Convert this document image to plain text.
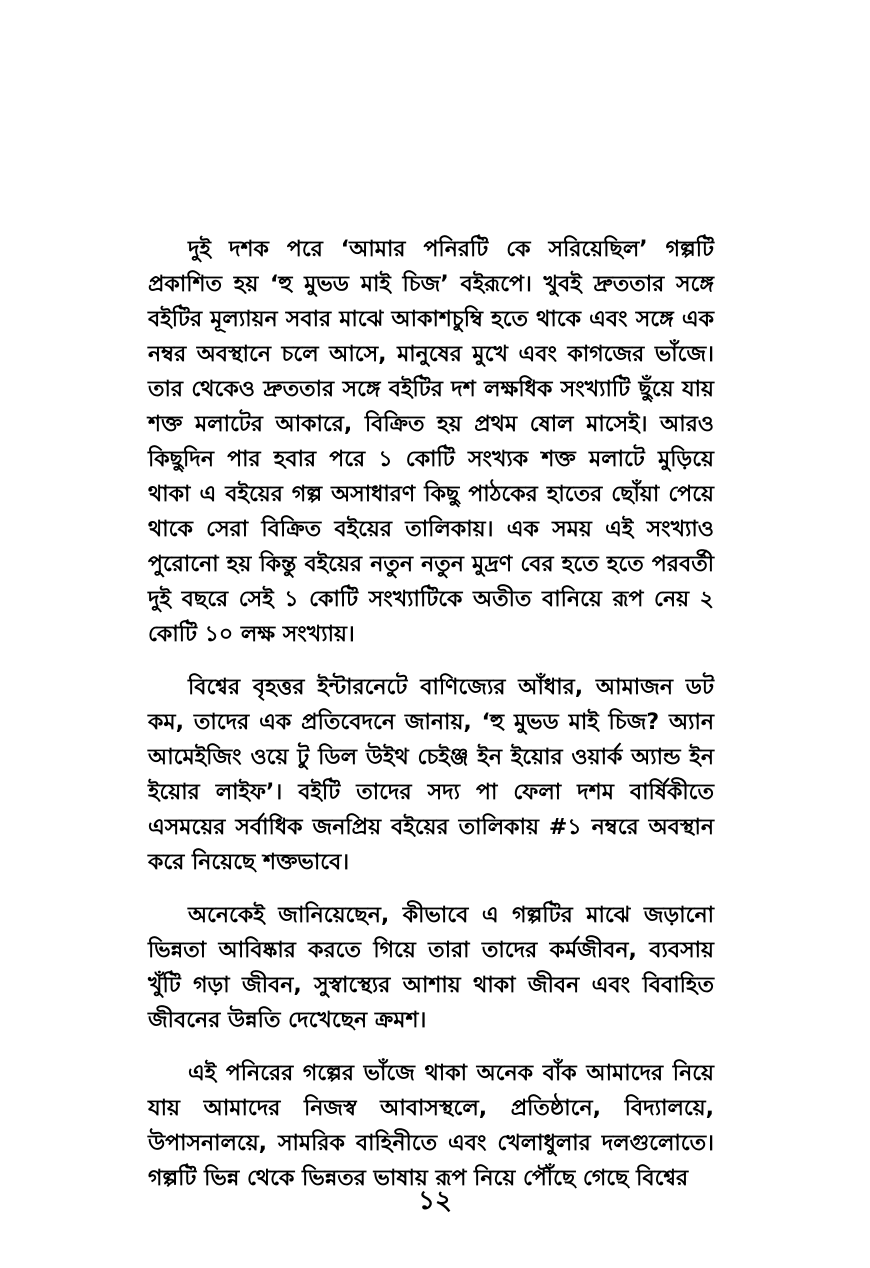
দুই দশক পরে ‘আমার পনিরটি কে সরিয়েছিল’ গল্পটি প্রকাশিত হয় ‘হু মুভড মাই চিজ’ বইরূপে। খুবই দ্রুততার সঙ্গে বইটির মূল্যায়ন সবার মাঝে আকাশচুম্বি হতে থাকে এবং সঙ্গে এক নম্বর অবস্থানে চলে আসে, মানুষের মুখে এবং কাগজের ভাঁজে। তার থেকেও দ্রুততার সঙ্গে বইটির দশ লক্ষধিক সংখ্যাটি ছুঁয়ে যায় শক্ত মলাটের আকারে, বিক্রিত হয় প্রথম ষোল মাসেই। আরও কিছুদিন পার হবার পরে ১ কোটি সংখ্যক শক্ত মলাটে মুড়িয়ে থাকা এ বইয়ের গল্প অসাধারণ কিছু পাঠকের হাতের ছোঁয়া পেয়ে থাকে সেরা বিক্রিত বইয়ের তালিকায়। এক সময় এই সংখ্যাও পুরোনো হয় কিন্তু বইয়ের নতুন নতুন মুদ্রণ বের হতে হতে পরবর্তী দুই বছরে সেই ১ কোটি সংখ্যাটিকে অতীত বানিয়ে রূপ নেয় ২ কোটি ১০ লক্ষ সংখ্যায়।

বিশ্বের বৃহত্তর ইন্টারনেটে বাণিজ্যের আঁধার, আমাজন ডট কম, তাদের এক প্রতিবেদনে জানায়, ‘হু মুভড মাই চিজ? অ্যান আমেইজিং ওয়ে টু ডিল উইথ চেইঞ্জ ইন ইয়োর ওয়ার্ক অ্যান্ড ইন ইয়োর লাইফ’। বইটি তাদের সদ্য পা ফেলা দশম বার্ষিকীতে এসময়ের সর্বাধিক জনপ্রিয় বইয়ের তালিকায় #১ নম্বরে অবস্থান করে নিয়েছে শক্তভাবে।

অনেকেই জানিয়েছেন, কীভাবে এ গল্পটির মাঝে জড়ানো ভিন্নতা আবিষ্কার করতে গিয়ে তারা তাদের কর্মজীবন, ব্যবসায় খুঁটি গড়া জীবন, সুস্বাস্থ্যের আশায় থাকা জীবন এবং বিবাহিত জীবনের উন্নতি দেখেছেন ক্রমশ।

এই পনিরের গল্পের ভাঁজে থাকা অনেক বাঁক আমাদের নিয়ে যায় আমাদের নিজস্ব আবাসস্থলে, প্রতিষ্ঠানে, বিদ্যালয়ে, উপাসনালয়ে, সামরিক বাহিনীতে এবং খেলাধুলার দলগুলোতে। গল্পটি ভিন্ন থেকে ভিন্নতর ভাষায় রূপ নিয়ে পৌঁছে গেছে বিশ্বের

১২
